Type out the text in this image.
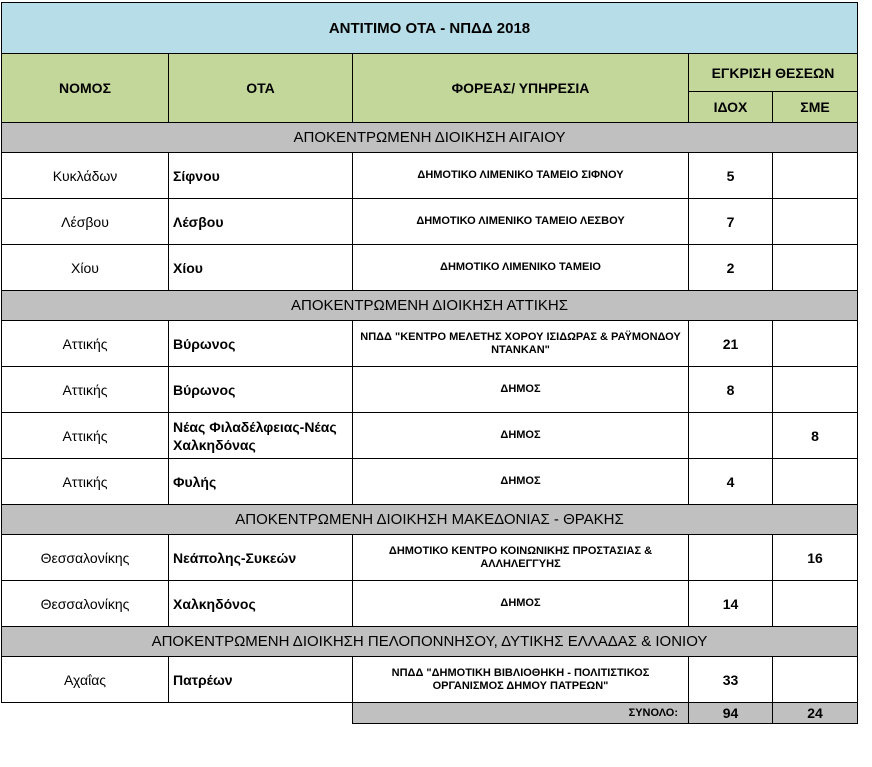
ΑΝΤΙΤΙΜΟ ΟΤΑ - ΝΠΔΔ 2018				
ΝΟΜΟΣ	ΟΤΑ	ΦΟΡΕΑΣ/ ΥΠΗΡΕΣΙΑ	ΕΓΚΡΙΣΗ ΘΕΣΕΩΝ	
			ΙΔΟΧ	ΣΜΕ
ΑΠΟΚΕΝΤΡΩΜΕΝΗ ΔΙΟΙΚΗΣΗ ΑΙΓΑΙΟΥ				
Κυκλάδων	Σίφνου	ΔΗΜΟΤΙΚΟ ΛΙΜΕΝΙΚΟ ΤΑΜΕΙΟ ΣΙΦΝΟΥ	5	
Λέσβου	Λέσβου	ΔΗΜΟΤΙΚΟ ΛΙΜΕΝΙΚΟ ΤΑΜΕΙΟ ΛΕΣΒΟΥ	7	
Χίου	Χίου	ΔΗΜΟΤΙΚΟ ΛΙΜΕΝΙΚΟ ΤΑΜΕΙΟ	2	
ΑΠΟΚΕΝΤΡΩΜΕΝΗ ΔΙΟΙΚΗΣΗ ΑΤΤΙΚΗΣ				
Αττικής	Βύρωνος	ΝΠΔΔ "ΚΕΝΤΡΟ ΜΕΛΕΤΗΣ ΧΟΡΟΥ ΙΣΙΔΩΡΑΣ & ΡΑΫΜΟΝΔΟΥ ΝΤΑΝΚΑΝ"	21	
Αττικής	Βύρωνος	ΔΗΜΟΣ	8	
Αττικής	Νέας Φιλαδέλφειας-Νέας Χαλκηδόνας	ΔΗΜΟΣ		8
Αττικής	Φυλής	ΔΗΜΟΣ	4	
ΑΠΟΚΕΝΤΡΩΜΕΝΗ ΔΙΟΙΚΗΣΗ ΜΑΚΕΔΟΝΙΑΣ - ΘΡΑΚΗΣ				
Θεσσαλονίκης	Νεάπολης-Συκεών	ΔΗΜΟΤΙΚΟ ΚΕΝΤΡΟ ΚΟΙΝΩΝΙΚΗΣ ΠΡΟΣΤΑΣΙΑΣ & ΑΛΛΗΛΕΓΓΥΗΣ		16
Θεσσαλονίκης	Χαλκηδόνος	ΔΗΜΟΣ	14	
ΑΠΟΚΕΝΤΡΩΜΕΝΗ ΔΙΟΙΚΗΣΗ ΠΕΛΟΠΟΝΝΗΣΟΥ, ΔΥΤΙΚΗΣ ΕΛΛΑΔΑΣ & ΙΟΝΙΟΥ				
Αχαΐας	Πατρέων	ΝΠΔΔ "ΔΗΜΟΤΙΚΗ ΒΙΒΛΙΟΘΗΚΗ - ΠΟΛΙΤΙΣΤΙΚΟΣ ΟΡΓΑΝΙΣΜΟΣ ΔΗΜΟΥ ΠΑΤΡΕΩΝ"	33	
		ΣΥΝΟΛΟ:	94	24
